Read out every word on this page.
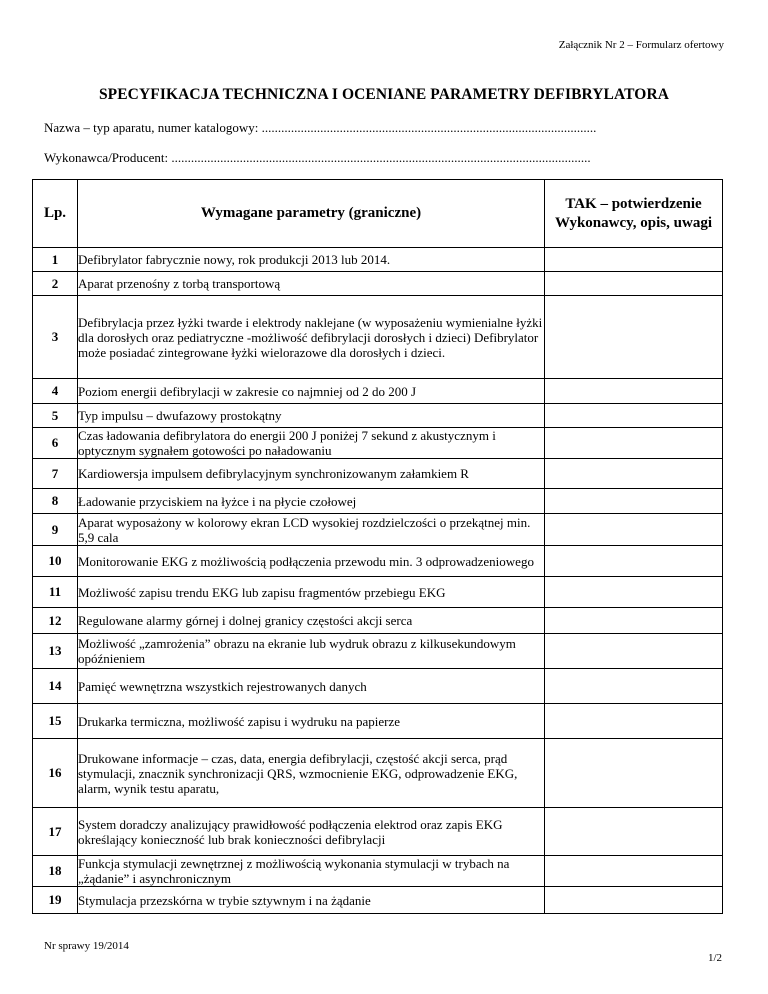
Załącznik Nr 2 – Formularz ofertowy
SPECYFIKACJA TECHNICZNA I OCENIANE PARAMETRY DEFIBRYLATORA
Nazwa – typ aparatu, numer katalogowy: .......................................................................................................
Wykonawca/Producent: .................................................................................................................................
Lp.	Wymagane parametry (graniczne)	TAK – potwierdzenie Wykonawcy, opis, uwagi
1	Defibrylator fabrycznie nowy, rok produkcji 2013 lub 2014.	
2	Aparat przenośny z torbą transportową	
3	Defibrylacja przez łyżki twarde i elektrody naklejane (w wyposażeniu wymienialne łyżki dla dorosłych oraz pediatryczne -możliwość defibrylacji dorosłych i dzieci) Defibrylator może posiadać zintegrowane łyżki wielorazowe dla dorosłych i dzieci.	
4	Poziom energii defibrylacji w zakresie co najmniej od 2 do 200 J	
5	Typ impulsu – dwufazowy prostokątny	
6	Czas ładowania defibrylatora do energii 200 J poniżej 7 sekund z akustycznym i optycznym sygnałem gotowości po naładowaniu	
7	Kardiowersja impulsem defibrylacyjnym synchronizowanym załamkiem R	
8	Ładowanie przyciskiem na łyżce i na płycie czołowej	
9	Aparat wyposażony w kolorowy ekran LCD wysokiej rozdzielczości o przekątnej min. 5,9 cala	
10	Monitorowanie EKG z możliwością podłączenia przewodu min. 3 odprowadzeniowego	
11	Możliwość zapisu trendu EKG lub zapisu fragmentów przebiegu EKG	
12	Regulowane alarmy górnej i dolnej granicy częstości akcji serca	
13	Możliwość „zamrożenia” obrazu na ekranie lub wydruk obrazu z kilkusekundowym opóźnieniem	
14	Pamięć wewnętrzna wszystkich rejestrowanych danych	
15	Drukarka termiczna, możliwość zapisu i wydruku na papierze	
16	Drukowane informacje – czas, data, energia defibrylacji, częstość akcji serca, prąd stymulacji, znacznik synchronizacji QRS, wzmocnienie EKG, odprowadzenie EKG, alarm, wynik testu aparatu,	
17	System doradczy analizujący prawidłowość podłączenia elektrod oraz zapis EKG określający konieczność lub brak konieczności defibrylacji	
18	Funkcja stymulacji zewnętrznej z możliwością wykonania stymulacji w trybach na „żądanie” i asynchronicznym	
19	Stymulacja przezskórna w trybie sztywnym i na żądanie	
Nr sprawy 19/2014
1/2
